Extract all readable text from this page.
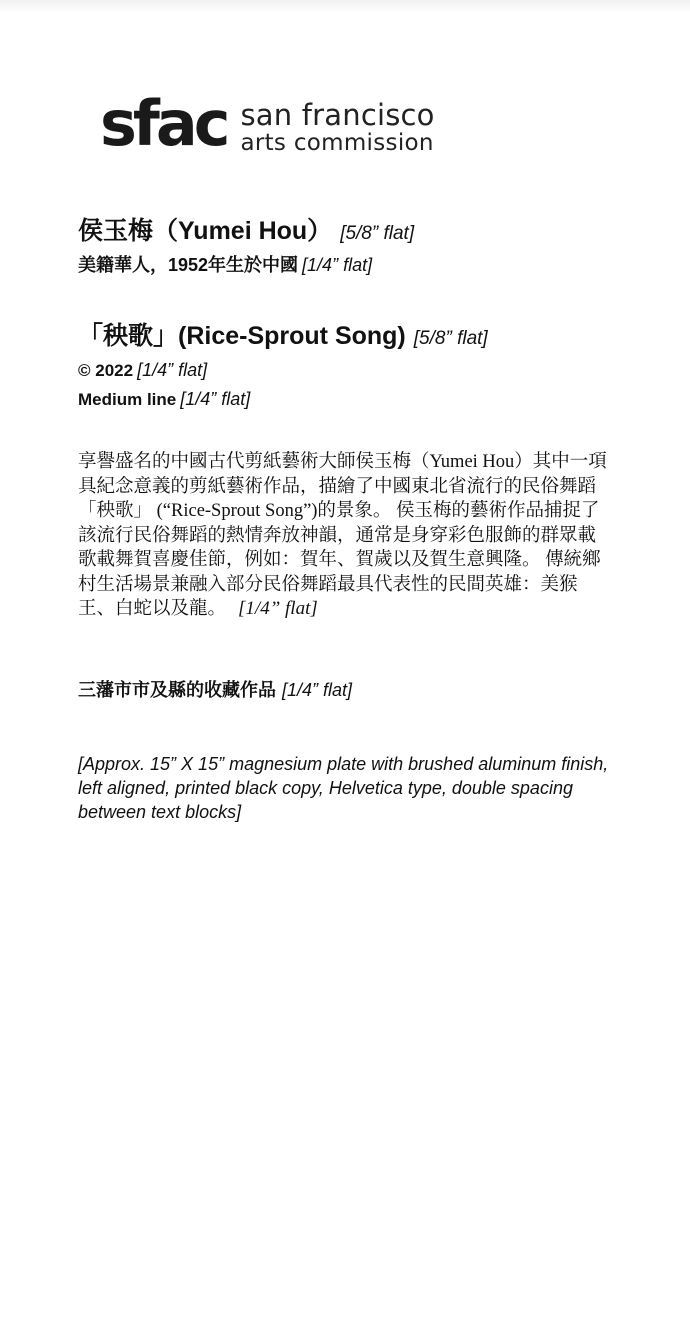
sfac san francisco
arts commission
侯玉梅（Yumei Hou） [5/8” flat]
美籍華人，1952年生於中國 [1/4” flat]
「秧歌」(Rice-Sprout Song) [5/8” flat]
© 2022 [1/4” flat]
Medium line [1/4” flat]
享譽盛名的中國古代剪紙藝術大師侯玉梅（Yumei Hou）其中一項具紀念意義的剪紙藝術作品，描繪了中國東北省流行的民俗舞蹈「秧歌」 (“Rice-Sprout Song”)的景象。 侯玉梅的藝術作品捕捉了該流行民俗舞蹈的熱情奔放神韻，通常是身穿彩色服飾的群眾載歌載舞賀喜慶佳節，例如：賀年、賀歲以及賀生意興隆。 傳統鄉村生活場景兼融入部分民俗舞蹈最具代表性的民間英雄：美猴王、白蛇以及龍。 [1/4” flat]
三藩市市及縣的收藏作品 [1/4” flat]
[Approx. 15” X 15” magnesium plate with brushed aluminum finish, left aligned, printed black copy, Helvetica type, double spacing between text blocks]
